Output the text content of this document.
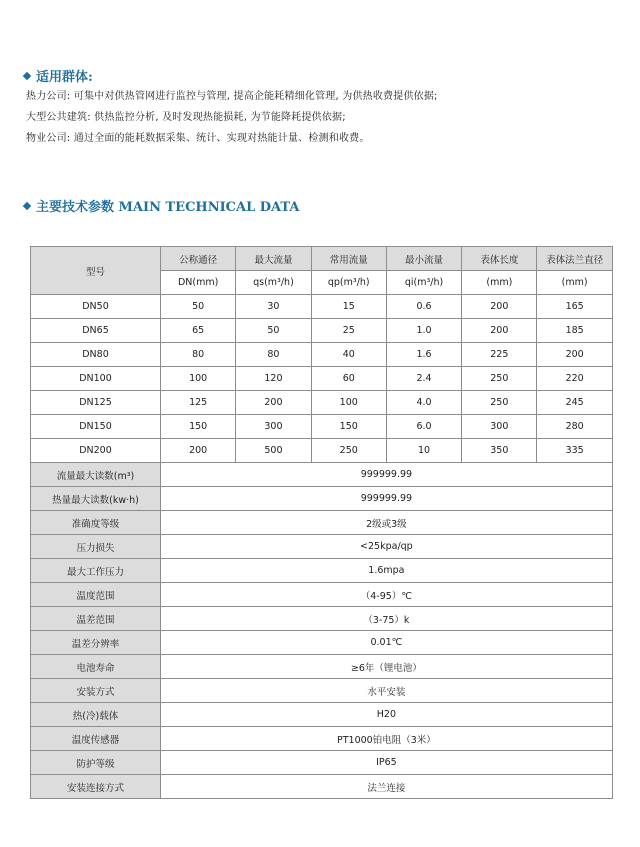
适用群体:
热力公司: 可集中对供热管网进行监控与管理, 提高企能耗精细化管理, 为供热收费提供依据;
大型公共建筑: 供热监控分析, 及时发现热能损耗, 为节能降耗提供依据;
物业公司: 通过全面的能耗数据采集、统计、实现对热能计量、检测和收费。
主要技术参数 MAIN TECHNICAL DATA
型号	公称通径	最大流量	常用流量	最小流量	表体长度	表体法兰直径
	DN(mm)	qs(m³/h)	qp(m³/h)	qi(m³/h)	(mm)	(mm)
DN50	50	30	15	0.6	200	165
DN65	65	50	25	1.0	200	185
DN80	80	80	40	1.6	225	200
DN100	100	120	60	2.4	250	220
DN125	125	200	100	4.0	250	245
DN150	150	300	150	6.0	300	280
DN200	200	500	250	10	350	335
流量最大读数(m³)	999999.99					
热量最大读数(kw·h)	999999.99					
准确度等级	2级或3级					
压力损失	<25kpa/qp					
最大工作压力	1.6mpa					
温度范围	（4-95）℃					
温差范围	（3-75）k					
温差分辨率	0.01℃					
电池寿命	≥6年（锂电池）					
安装方式	水平安装					
热(冷)载体	H20					
温度传感器	PT1000铂电阻（3米）					
防护等级	IP65					
安装连接方式	法兰连接					
